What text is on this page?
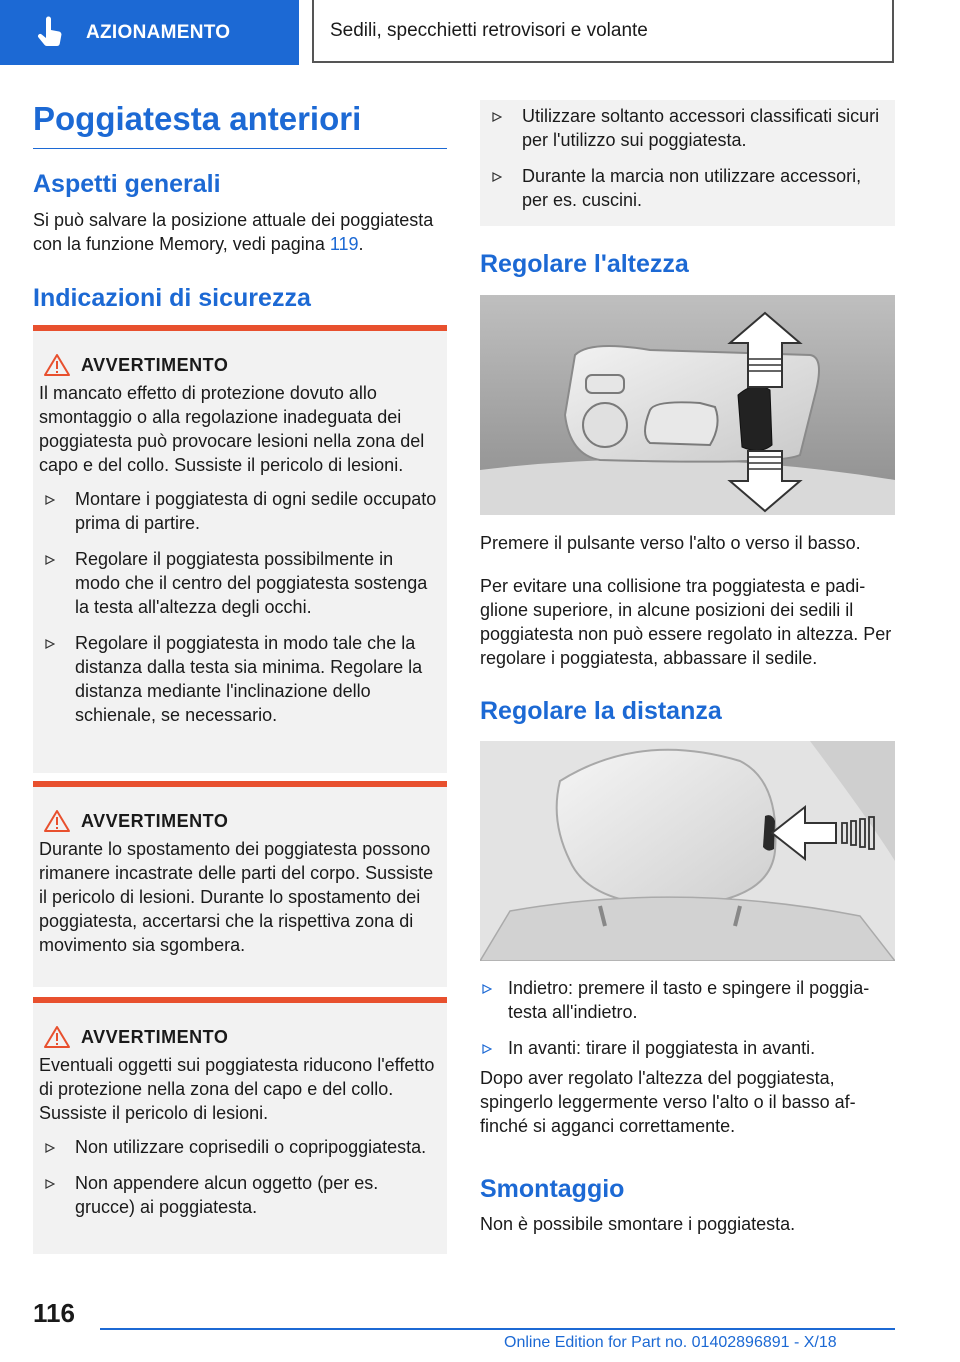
AZIONAMENTO	Sedili, specchietti retrovisori e volante
Poggiatesta anteriori
Aspetti generali

Si può salvare la posizione attuale dei poggiatesta con la funzione Memory, vedi pagina 119.

Indicazioni di sicurezza
AVVERTIMENTO

Il mancato effetto di protezione dovuto allo smontaggio o alla regolazione inadeguata dei poggiatesta può provocare lesioni nella zona del capo e del collo. Sussiste il pericolo di lesioni.

Montare i poggiatesta di ogni sedile occupato prima di partire.
Regolare il poggiatesta possibilmente in modo che il centro del poggiatesta sostenga la testa all'altezza degli occhi.
Regolare il poggiatesta in modo tale che la distanza dalla testa sia minima. Regolare la distanza mediante l'inclinazione dello schienale, se necessario.
AVVERTIMENTO

Durante lo spostamento dei poggiatesta possono rimanere incastrate delle parti del corpo. Sussiste il pericolo di lesioni. Durante lo spostamento dei poggiatesta, accertarsi che la rispettiva zona di movimento sia sgombera.

AVVERTIMENTO

Eventuali oggetti sui poggiatesta riducono l'effetto di protezione nella zona del capo e del collo. Sussiste il pericolo di lesioni.

Non utilizzare coprisedili o copripoggiatesta.
Non appendere alcun oggetto (per es. grucce) ai poggiatesta.
Utilizzare soltanto accessori classificati sicuri per l'utilizzo sui poggiatesta.
Durante la marcia non utilizzare accessori, per es. cuscini.
Regolare l'altezza

Premere il pulsante verso l'alto o verso il basso.

Per evitare una collisione tra poggiatesta e padiglione superiore, in alcune posizioni dei sedili il poggiatesta non può essere regolato in altezza. Per regolare i poggiatesta, abbassare il sedile.

Regolare la distanza
Indietro: premere il tasto e spingere il poggiatesta all'indietro.
In avanti: tirare il poggiatesta in avanti.

Dopo aver regolato l'altezza del poggiatesta, spingerlo leggermente verso l'alto o il basso affinché si agganci correttamente.

Smontaggio

Non è possibile smontare i poggiatesta.

116
Online Edition for Part no. 01402896891 - X/18
